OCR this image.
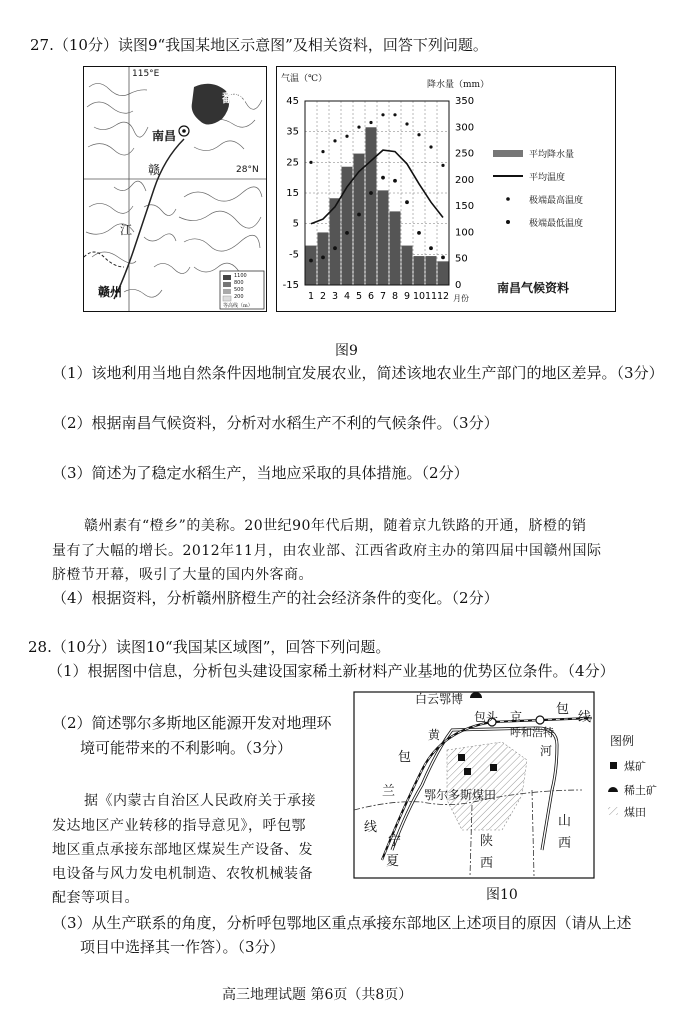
27.（10分）读图9“我国某地区示意图”及相关资料，回答下列问题。
115°E
鄱阳湖
南昌
赣	28°N
江
赣州
1100
800
500
200
等高线（m）
45
35
25
15
5
-5
-15
350
300
250
200
150
100
50
0
1 2 3 4 5 6 7 8 9 10 11 12
气温（℃）
降水量（mm）
南昌气候资料
月份
平均降水量
平均温度
极端最高温度
极端最低温度
图9
（1）该地利用当地自然条件因地制宜发展农业，简述该地农业生产部门的地区差异。（3分）
（2）根据南昌气候资料，分析对水稻生产不利的气候条件。（3分）
（3）简述为了稳定水稻生产，当地应采取的具体措施。（2分）
赣州素有“橙乡”的美称。20世纪90年代后期，随着京九铁路的开通，脐橙的销
量有了大幅的增长。2012年11月，由农业部、江西省政府主办的第四届中国赣州国际
脐橙节开幕，吸引了大量的国内外客商。
（4）根据资料，分析赣州脐橙生产的社会经济条件的变化。（2分）
28.（10分）读图10“我国某区域图”，回答下列问题。
（1）根据图中信息，分析包头建设国家稀土新材料产业基地的优势区位条件。（4分）
（2）简述鄂尔多斯地区能源开发对地理环
境可能带来的不利影响。（3分）
据《内蒙古自治区人民政府关于承接
发达地区产业转移的指导意见》，呼包鄂
地区重点承接东部地区煤炭生产设备、发
电设备与风力发电机制造、农牧机械装备
配套等项目。
白云鄂博
包头 京	包
线
呼和浩特
黄
河
包
兰
线
鄂尔多斯煤田
宁
夏
陕
西
山
西
图例
煤矿
稀土矿
煤田
图10
（3）从生产联系的角度，分析呼包鄂地区重点承接东部地区上述项目的原因（请从上述
项目中选择其一作答）。（3分）
高三地理试题 第6页（共8页）
